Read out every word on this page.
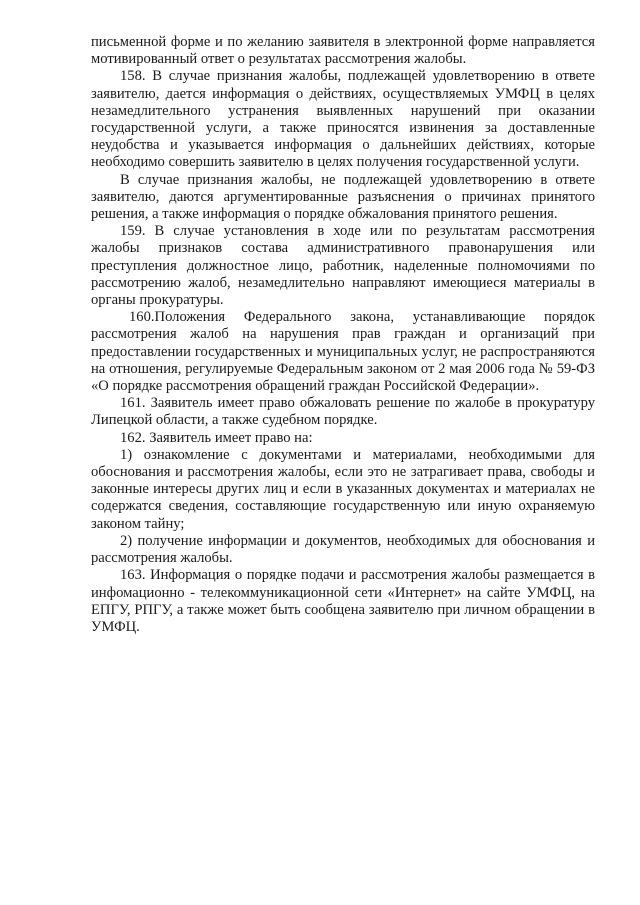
письменной форме и по желанию заявителя в электронной форме направляется мотивированный ответ о результатах рассмотрения жалобы.

158. В случае признания жалобы, подлежащей удовлетворению в ответе заявителю, дается информация о действиях, осуществляемых УМФЦ в целях незамедлительного устранения выявленных нарушений при оказании государственной услуги, а также приносятся извинения за доставленные неудобства и указывается информация о дальнейших действиях, которые необходимо совершить заявителю в целях получения государственной услуги.

В случае признания жалобы, не подлежащей удовлетворению в ответе заявителю, даются аргументированные разъяснения о причинах принятого решения, а также информация о порядке обжалования принятого решения.

159. В случае установления в ходе или по результатам рассмотрения жалобы признаков состава административного правонарушения или преступления должностное лицо, работник, наделенные полномочиями по рассмотрению жалоб, незамедлительно направляют имеющиеся материалы в органы прокуратуры.

160.Положения Федерального закона, устанавливающие порядок рассмотрения жалоб на нарушения прав граждан и организаций при предоставлении государственных и муниципальных услуг, не распространяются на отношения, регулируемые Федеральным законом от 2 мая 2006 года № 59-ФЗ «О порядке рассмотрения обращений граждан Российской Федерации».

161. Заявитель имеет право обжаловать решение по жалобе в прокуратуру Липецкой области, а также судебном порядке.

162. Заявитель имеет право на:

1) ознакомление с документами и материалами, необходимыми для обоснования и рассмотрения жалобы, если это не затрагивает права, свободы и законные интересы других лиц и если в указанных документах и материалах не содержатся сведения, составляющие государственную или иную охраняемую законом тайну;

2) получение информации и документов, необходимых для обоснования и рассмотрения жалобы.

163. Информация о порядке подачи и рассмотрения жалобы размещается в инфомационно - телекоммуникационной сети «Интернет» на сайте УМФЦ, на ЕПГУ, РПГУ, а также может быть сообщена заявителю при личном обращении в УМФЦ.
